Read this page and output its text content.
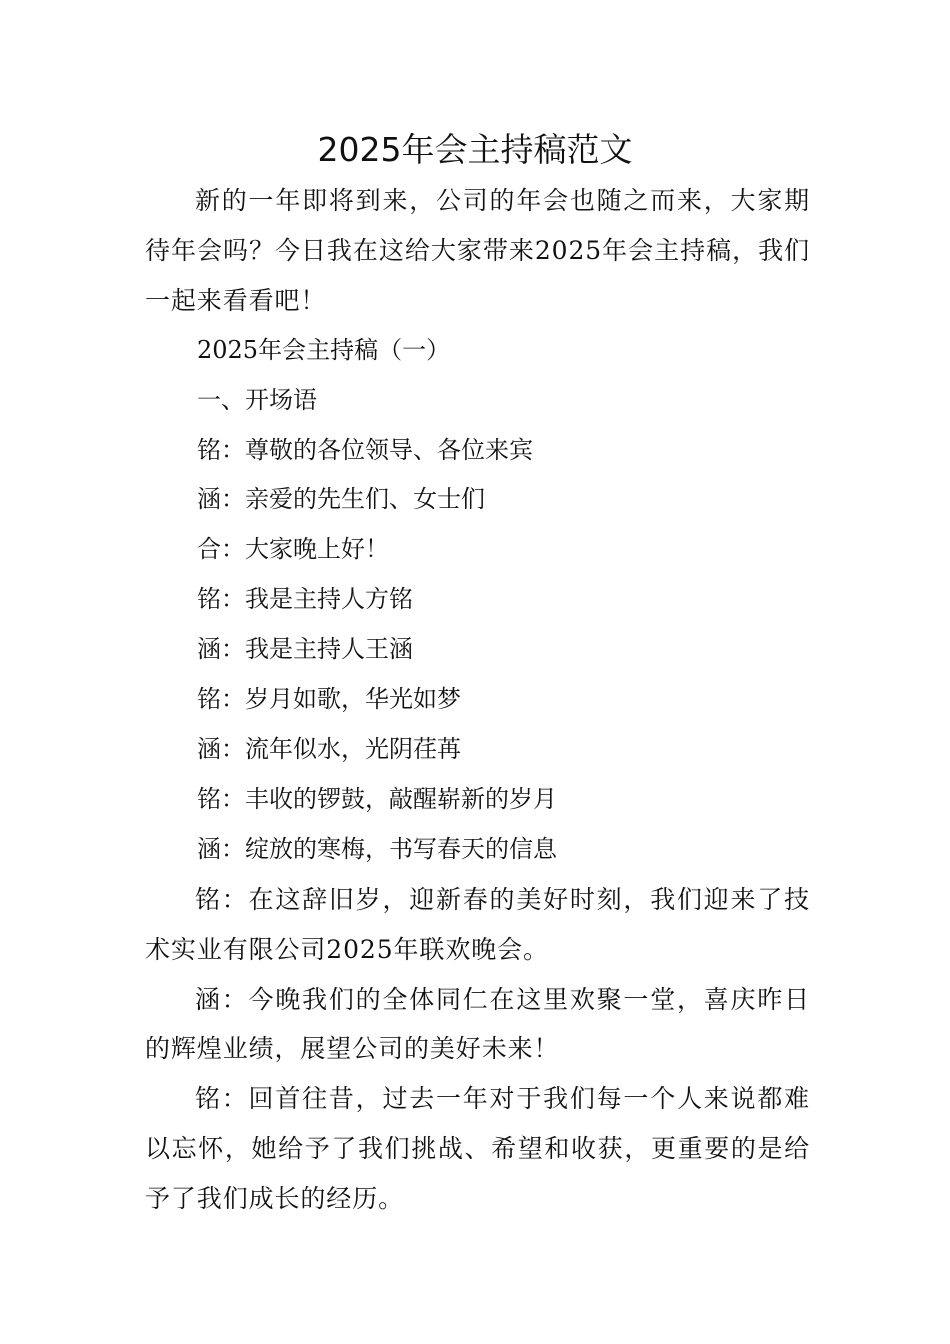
2025年会主持稿范文

新的一年即将到来，公司的年会也随之而来，大家期待年会吗？今日我在这给大家带来2025年会主持稿，我们一起来看看吧！

2025年会主持稿（一）

一、开场语

铭：尊敬的各位领导、各位来宾

涵：亲爱的先生们、女士们

合：大家晚上好！

铭：我是主持人方铭

涵：我是主持人王涵

铭：岁月如歌，华光如梦

涵：流年似水，光阴荏苒

铭：丰收的锣鼓，敲醒崭新的岁月

涵：绽放的寒梅，书写春天的信息

铭：在这辞旧岁，迎新春的美好时刻，我们迎来了技术实业有限公司2025年联欢晚会。

涵：今晚我们的全体同仁在这里欢聚一堂，喜庆昨日的辉煌业绩，展望公司的美好未来！

铭：回首往昔，过去一年对于我们每一个人来说都难以忘怀，她给予了我们挑战、希望和收获，更重要的是给予了我们成长的经历。
